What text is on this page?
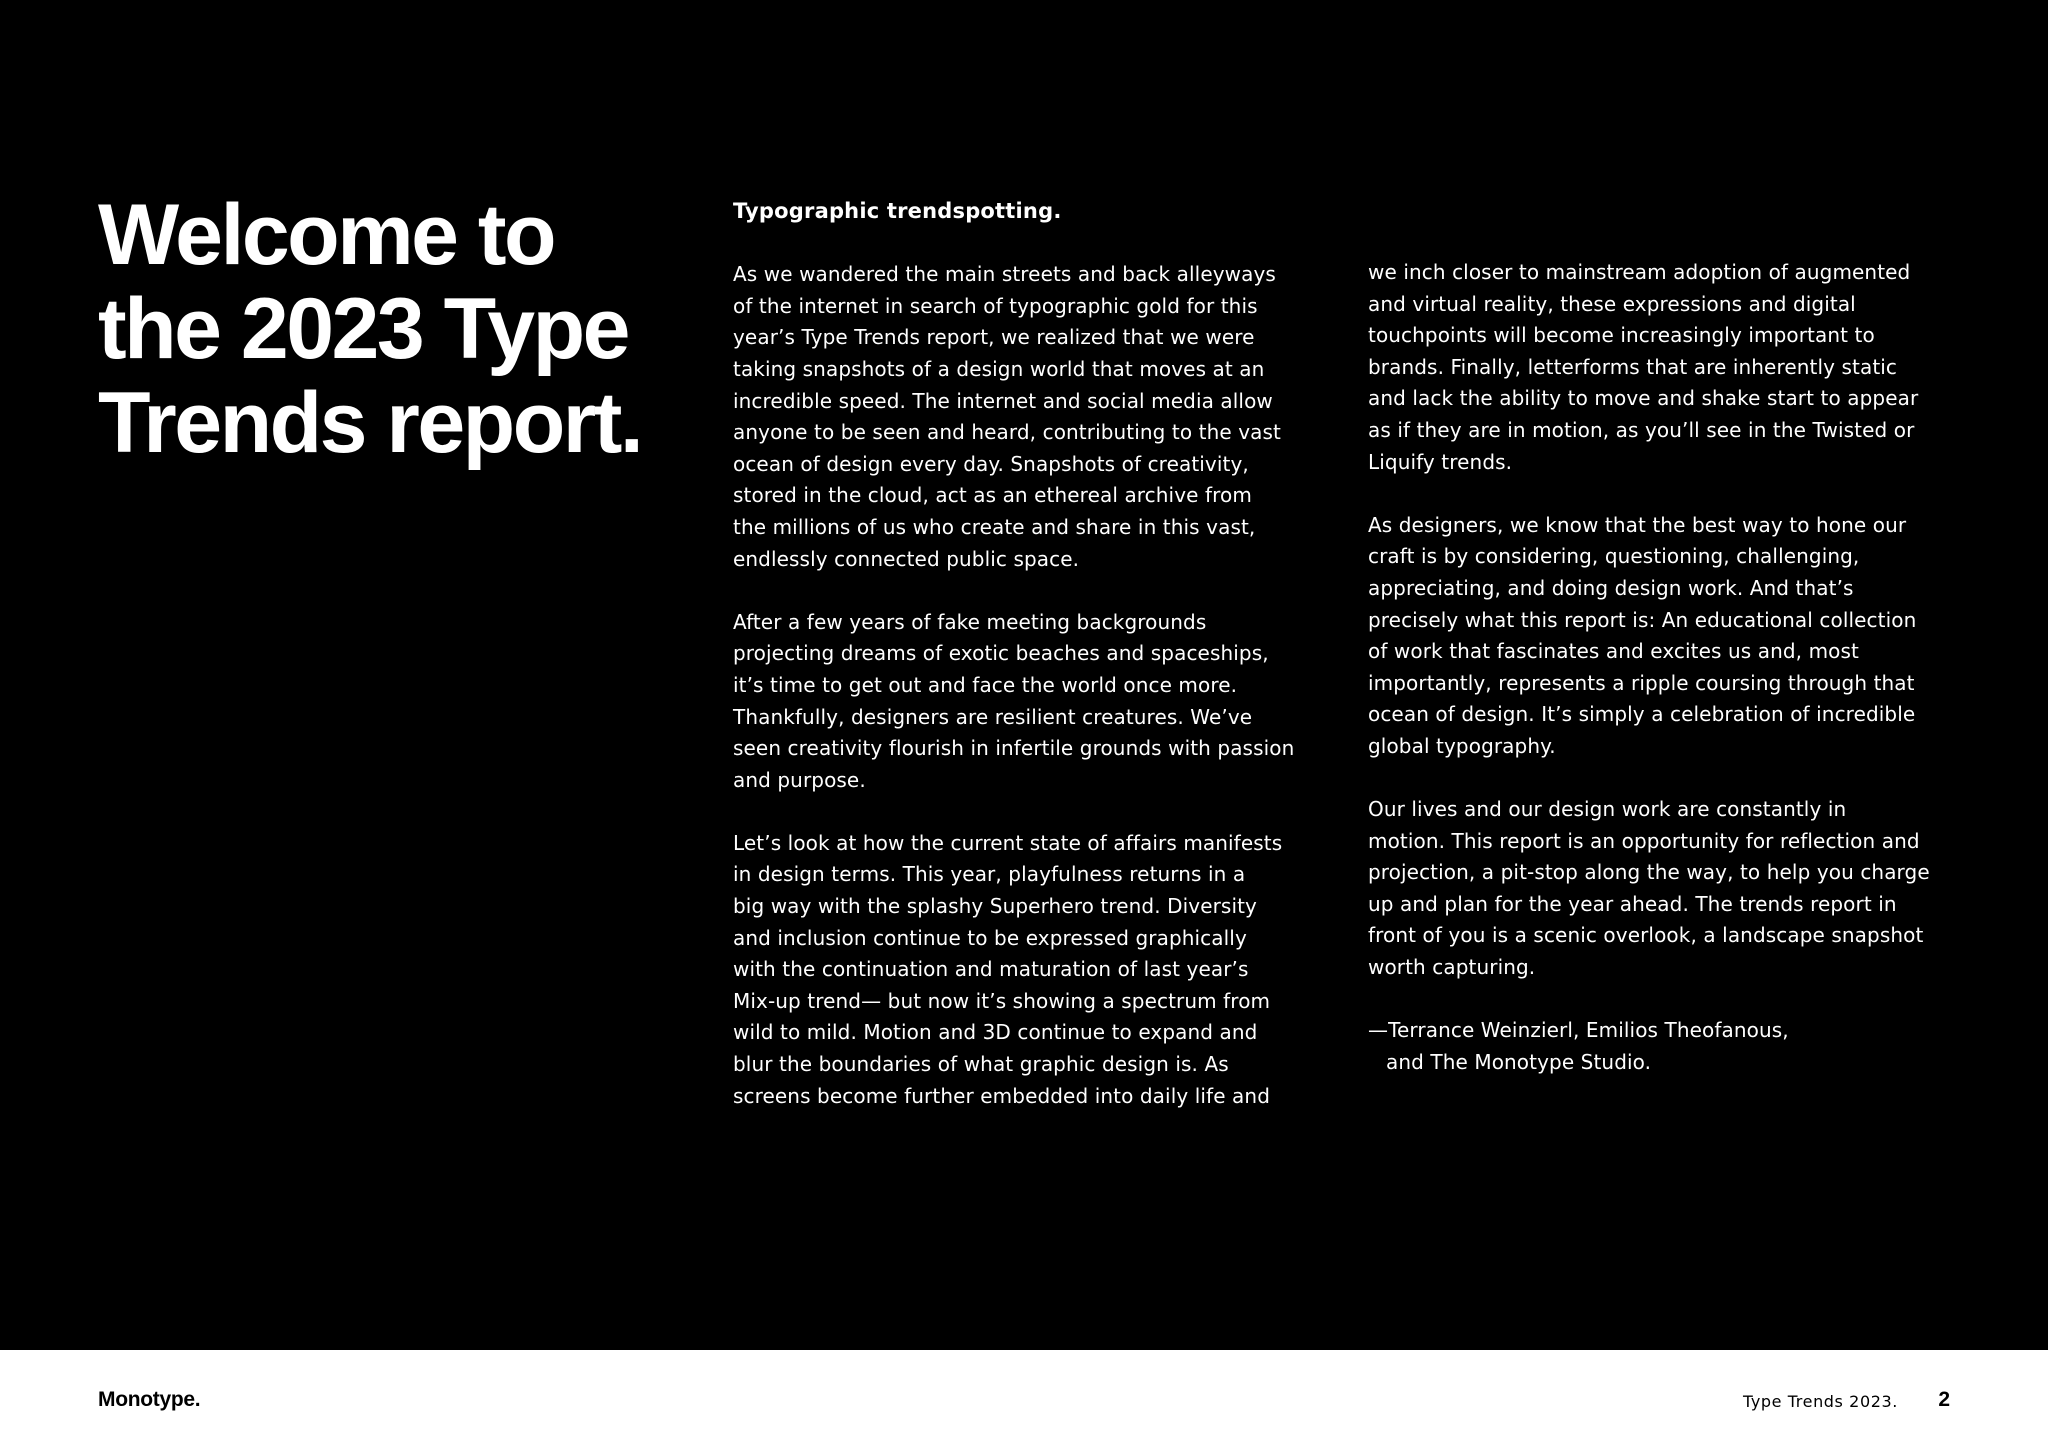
Welcome to
the 2023 Type
Trends report.
Typographic trendspotting.
As we wandered the main streets and back alleyways
of the internet in search of typographic gold for this
year’s Type Trends report, we realized that we were
taking snapshots of a design world that moves at an
incredible speed. The internet and social media allow
anyone to be seen and heard, contributing to the vast
ocean of design every day. Snapshots of creativity,
stored in the cloud, act as an ethereal archive from
the millions of us who create and share in this vast,
endlessly connected public space.
After a few years of fake meeting backgrounds
projecting dreams of exotic beaches and spaceships,
it’s time to get out and face the world once more.
Thankfully, designers are resilient creatures. We’ve
seen creativity flourish in infertile grounds with passion
and purpose.
Let’s look at how the current state of affairs manifests
in design terms. This year, playfulness returns in a
big way with the splashy Superhero trend. Diversity
and inclusion continue to be expressed graphically
with the continuation and maturation of last year’s
Mix-up trend— but now it’s showing a spectrum from
wild to mild. Motion and 3D continue to expand and
blur the boundaries of what graphic design is. As
screens become further embedded into daily life and
we inch closer to mainstream adoption of augmented
and virtual reality, these expressions and digital
touchpoints will become increasingly important to
brands. Finally, letterforms that are inherently static
and lack the ability to move and shake start to appear
as if they are in motion, as you’ll see in the Twisted or
Liquify trends.
As designers, we know that the best way to hone our
craft is by considering, questioning, challenging,
appreciating, and doing design work. And that’s
precisely what this report is: An educational collection
of work that fascinates and excites us and, most
importantly, represents a ripple coursing through that
ocean of design. It’s simply a celebration of incredible
global typography.
Our lives and our design work are constantly in
motion. This report is an opportunity for reflection and
projection, a pit-stop along the way, to help you charge
up and plan for the year ahead. The trends report in
front of you is a scenic overlook, a landscape snapshot
worth capturing.
—Terrance Weinzierl, Emilios Theofanous,
and The Monotype Studio.
Monotype.	Type Trends 2023. 2
